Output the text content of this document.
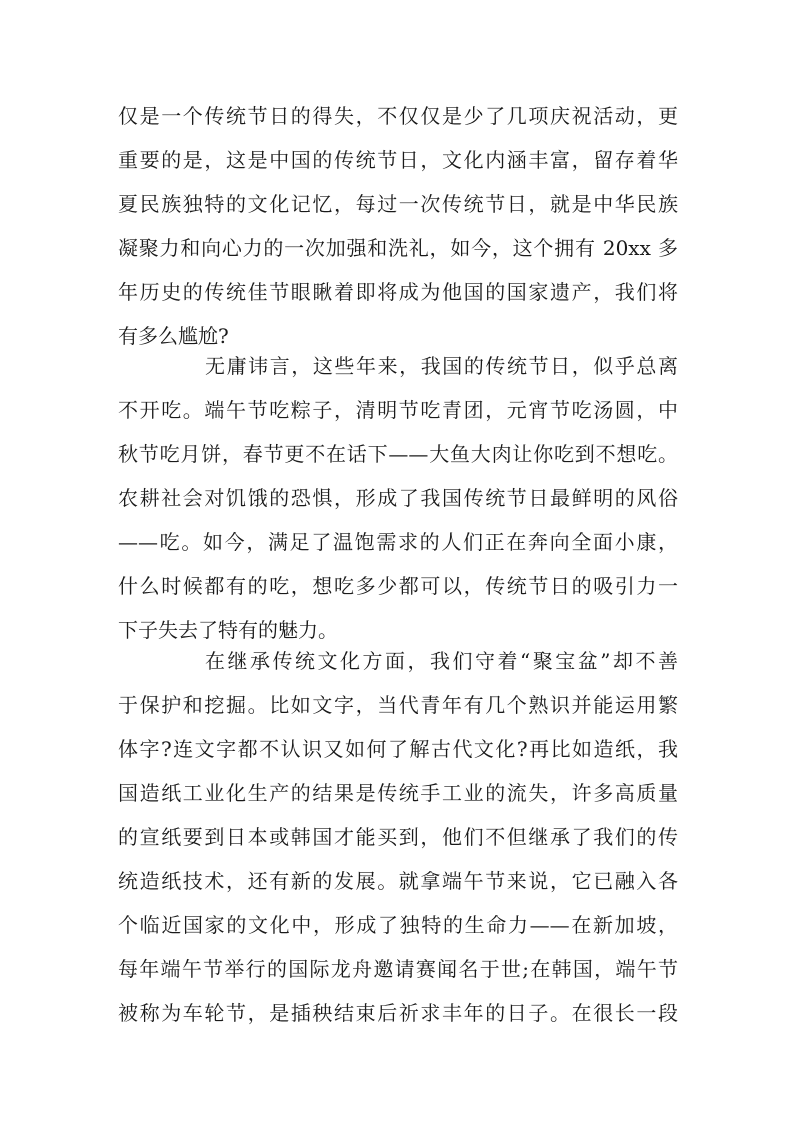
仅是一个传统节日的得失，不仅仅是少了几项庆祝活动，更
重要的是，这是中国的传统节日，文化内涵丰富，留存着华
夏民族独特的文化记忆，每过一次传统节日，就是中华民族
凝聚力和向心力的一次加强和洗礼，如今，这个拥有 20xx 多
年历史的传统佳节眼瞅着即将成为他国的国家遗产，我们将
有多么尴尬?
无庸讳言，这些年来，我国的传统节日，似乎总离
不开吃。端午节吃粽子，清明节吃青团，元宵节吃汤圆，中
秋节吃月饼，春节更不在话下——大鱼大肉让你吃到不想吃。
农耕社会对饥饿的恐惧，形成了我国传统节日最鲜明的风俗
——吃。如今，满足了温饱需求的人们正在奔向全面小康，
什么时候都有的吃，想吃多少都可以，传统节日的吸引力一
下子失去了特有的魅力。
在继承传统文化方面，我们守着“聚宝盆”却不善
于保护和挖掘。比如文字，当代青年有几个熟识并能运用繁
体字?连文字都不认识又如何了解古代文化?再比如造纸，我
国造纸工业化生产的结果是传统手工业的流失，许多高质量
的宣纸要到日本或韩国才能买到，他们不但继承了我们的传
统造纸技术，还有新的发展。就拿端午节来说，它已融入各
个临近国家的文化中，形成了独特的生命力——在新加坡，
每年端午节举行的国际龙舟邀请赛闻名于世;在韩国，端午节
被称为车轮节，是插秧结束后祈求丰年的日子。在很长一段
